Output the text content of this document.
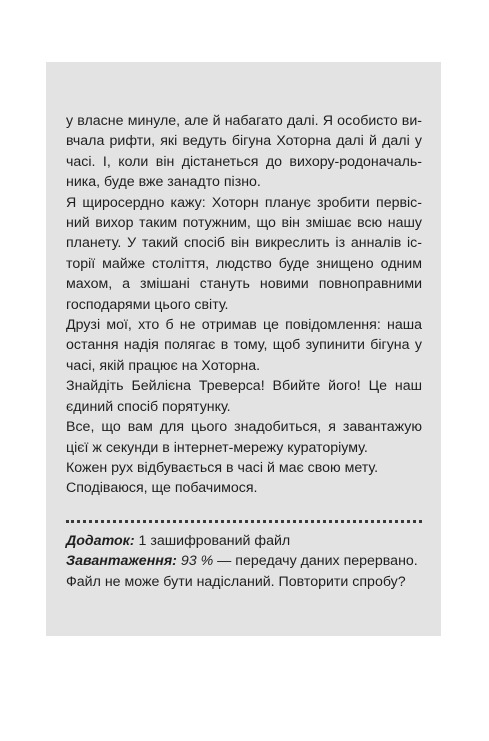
у власне минуле, але й набагато далі. Я особисто вивчала рифти, які ведуть бігуна Хоторна далі й далі у часі. І, коли він дістанеться до вихору-родоначальника, буде вже занадто пізно.

Я щиросердно кажу: Хоторн планує зробити первісний вихор таким потужним, що він змішає всю нашу планету. У такий спосіб він викреслить із анналів історії майже століття, людство буде знищено одним махом, а змішані стануть новими повноправними господарями цього світу.

Друзі мої, хто б не отримав це повідомлення: наша остання надія полягає в тому, щоб зупинити бігуна у часі, якій працює на Хоторна.

Знайдіть Бейлієна Треверса! Вбийте його! Це наш єдиний спосіб порятунку.

Все, що вам для цього знадобиться, я завантажую цієї ж секунди в інтернет-мережу кураторіуму.

Кожен рух відбувається в часі й має свою мету.

Сподіваюся, ще побачимося.

Додаток: 1 зашифрований файл

Завантаження: 93 % — передачу даних перервано. Файл не може бути надісланий. Повторити спробу?
